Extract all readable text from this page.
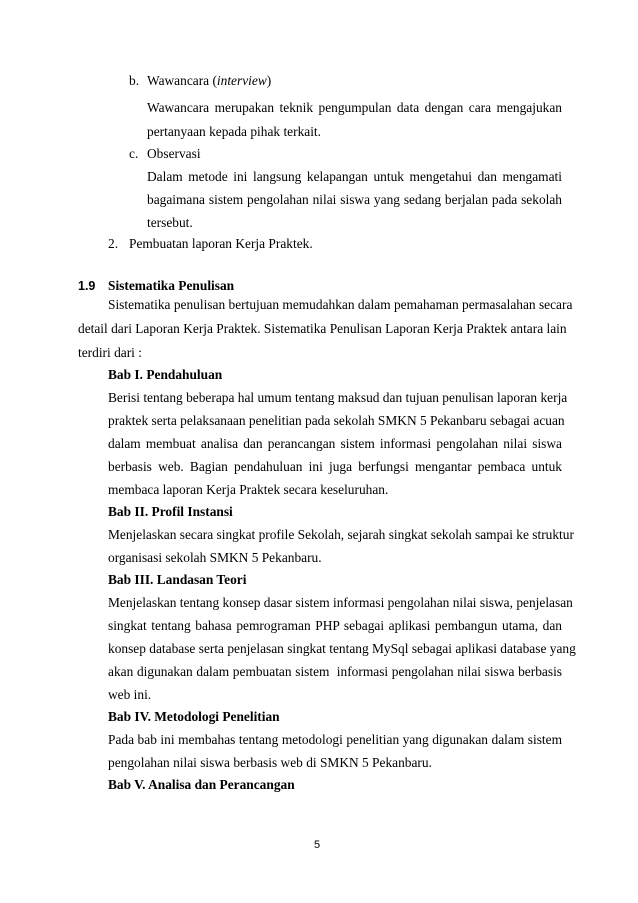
b. Wawancara (interview)
Wawancara merupakan teknik pengumpulan data dengan cara mengajukan
pertanyaan kepada pihak terkait.
c. Observasi
Dalam metode ini langsung kelapangan untuk mengetahui dan mengamati
bagaimana sistem pengolahan nilai siswa yang sedang berjalan pada sekolah
tersebut.
2. Pembuatan laporan Kerja Praktek.
1.9 Sistematika Penulisan
Sistematika penulisan bertujuan memudahkan dalam pemahaman permasalahan secara
detail dari Laporan Kerja Praktek. Sistematika Penulisan Laporan Kerja Praktek antara lain
terdiri dari :
Bab I. Pendahuluan
Berisi tentang beberapa hal umum tentang maksud dan tujuan penulisan laporan kerja
praktek serta pelaksanaan penelitian pada sekolah SMKN 5 Pekanbaru sebagai acuan
dalam membuat analisa dan perancangan sistem informasi pengolahan nilai siswa
berbasis web. Bagian pendahuluan ini juga berfungsi mengantar pembaca untuk
membaca laporan Kerja Praktek secara keseluruhan.
Bab II. Profil Instansi
Menjelaskan secara singkat profile Sekolah, sejarah singkat sekolah sampai ke struktur
organisasi sekolah SMKN 5 Pekanbaru.
Bab III. Landasan Teori
Menjelaskan tentang konsep dasar sistem informasi pengolahan nilai siswa, penjelasan
singkat tentang bahasa pemrograman PHP sebagai aplikasi pembangun utama, dan
konsep database serta penjelasan singkat tentang MySql sebagai aplikasi database yang
akan digunakan dalam pembuatan sistem  informasi pengolahan nilai siswa berbasis
web ini.
Bab IV. Metodologi Penelitian
Pada bab ini membahas tentang metodologi penelitian yang digunakan dalam sistem
pengolahan nilai siswa berbasis web di SMKN 5 Pekanbaru.
Bab V. Analisa dan Perancangan
5
